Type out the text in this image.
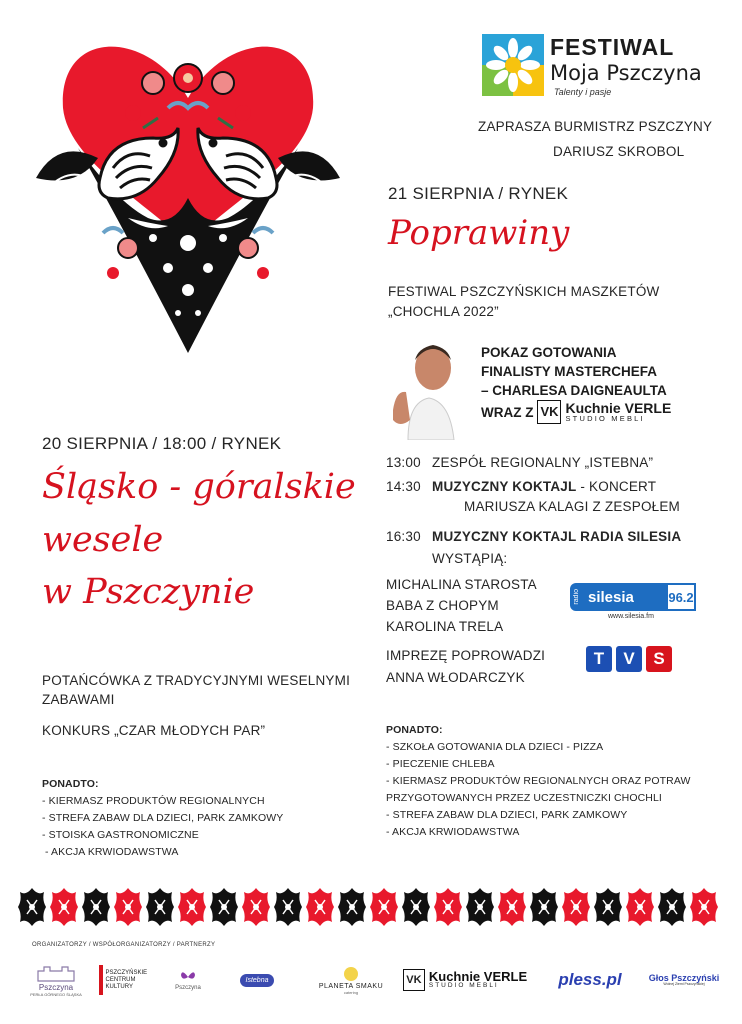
FESTIWAL
Moja Pszczyna
Talenty i pasje
ZAPRASZA BURMISTRZ PSZCZYNY
DARIUSZ SKROBOL
21 SIERPNIA / RYNEK
Poprawiny
FESTIWAL PSZCZYŃSKICH MASZKETÓW
„CHOCHLA 2022”
POKAZ GOTOWANIA
FINALISTY MASTERCHEFA
– CHARLESA DAIGNEAULTA
WRAZ Z VK Kuchnie VERLE
STUDIO MEBLI
13:00 ZESPÓŁ REGIONALNY „ISTEBNA”
14:30 MUZYCZNY KOKTAJL - KONCERT
MARIUSZA KALAGI Z ZESPOŁEM
16:30 MUZYCZNY KOKTAJL RADIA SILESIA
WYSTĄPIĄ:
MICHALINA STAROSTA
BABA Z CHOPYM
KAROLINA TRELA
radio silesia	96.2
www.silesia.fm
IMPREZĘ POPROWADZI
ANNA WŁODARCZYK
T	V	S
PONADTO:
- SZKOŁA GOTOWANIA DLA DZIECI - PIZZA
- PIECZENIE CHLEBA
- KIERMASZ PRODUKTÓW REGIONALNYCH ORAZ POTRAW
PRZYGOTOWANYCH PRZEZ UCZESTNICZKI CHOCHLI
- STREFA ZABAW DLA DZIECI, PARK ZAMKOWY
- AKCJA KRWIODAWSTWA
20 SIERPNIA / 18:00 / RYNEK
Śląsko - góralskie
wesele
w Pszczynie
POTAŃCÓWKA Z TRADYCYJNYMI WESELNYMI
ZABAWAMI
KONKURS „CZAR MŁODYCH PAR”
PONADTO:
- KIERMASZ PRODUKTÓW REGIONALNYCH
- STREFA ZABAW DLA DZIECI, PARK ZAMKOWY
- STOISKA GASTRONOMICZNE
- AKCJA KRWIODAWSTWA
ORGANIZATORZY / WSPÓŁORGANIZATORZY / PARTNERZY
Pszczyna
PERŁA GÓRNEGO ŚLĄSKA
PSZCZYŃSKIE CENTRUM KULTURY	Pszczyna
Istebna
PLANETA SMAKU
catering
VK Kuchnie VERLE
STUDIO MEBLI	pless.pl	Głos Pszczyński
Wolnej Ziemi Pszczyńskiej
